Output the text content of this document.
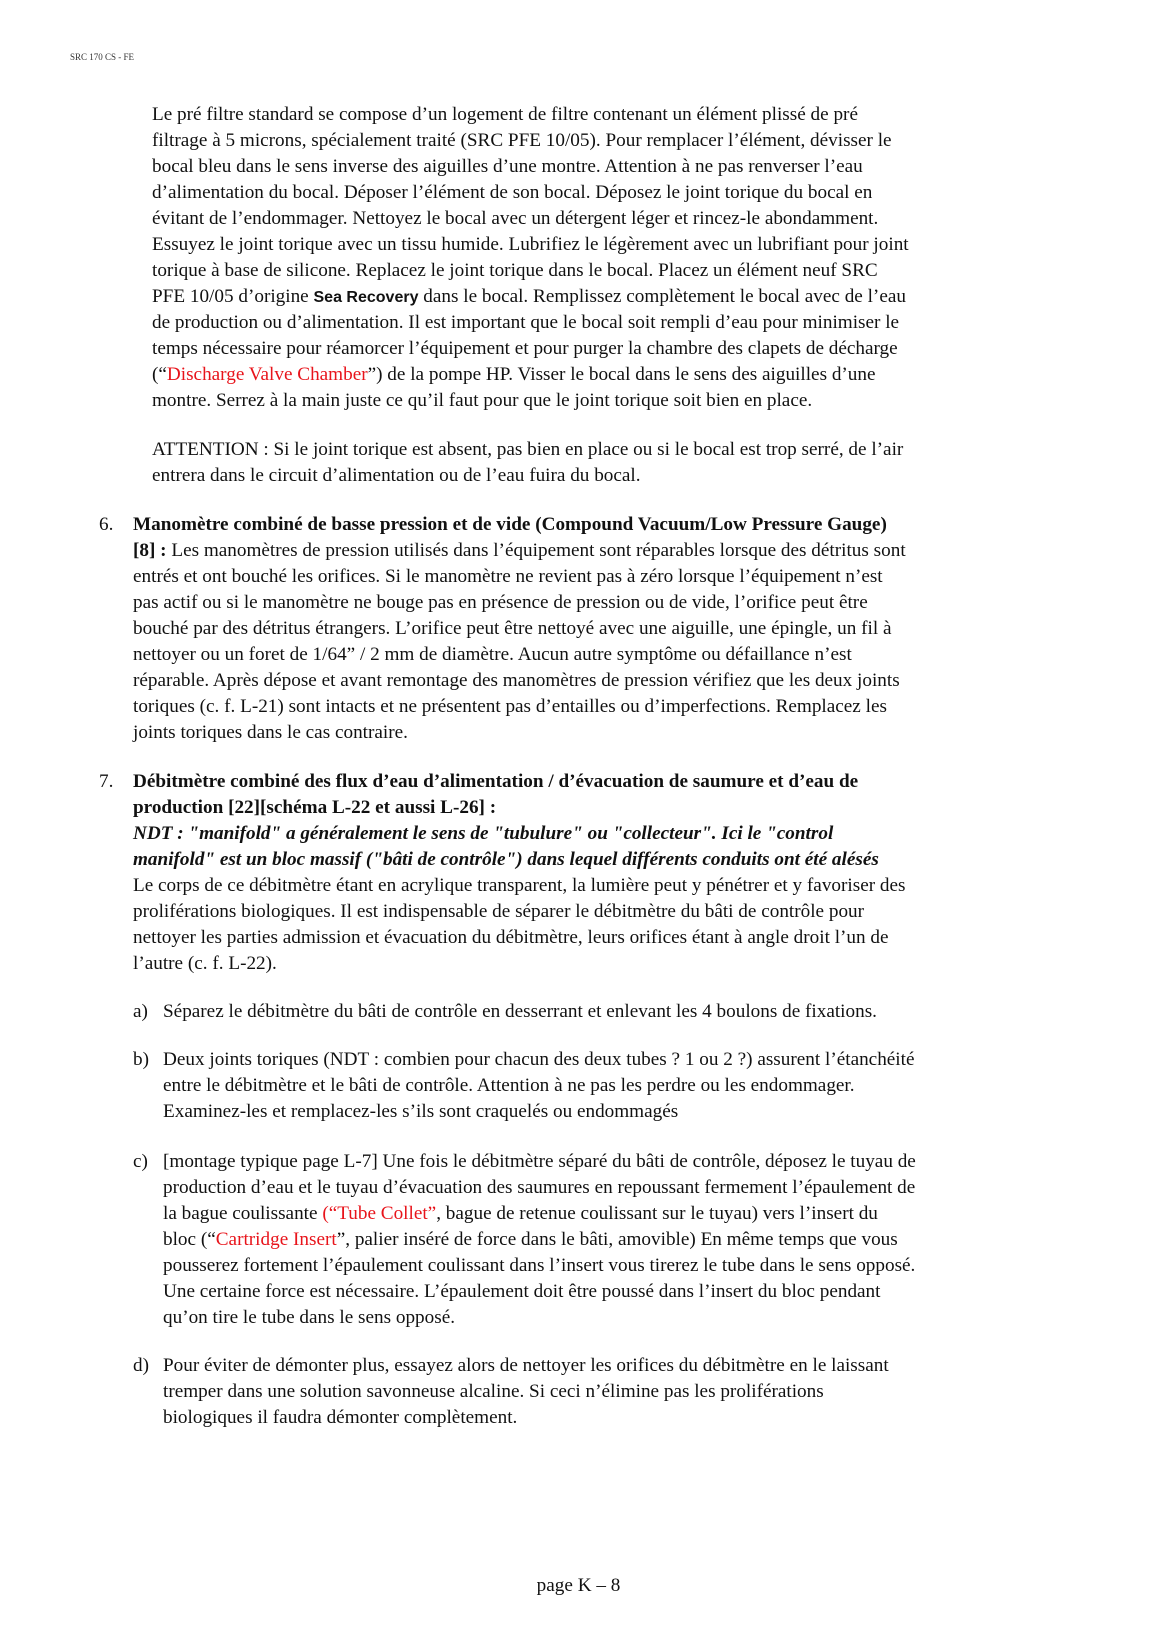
SRC 170 CS - FE
Le pré filtre standard se compose d’un logement de filtre contenant un élément plissé de pré
filtrage à 5 microns, spécialement traité (SRC PFE 10/05). Pour remplacer l’élément, dévisser le
bocal bleu dans le sens inverse des aiguilles d’une montre. Attention à ne pas renverser l’eau
d’alimentation du bocal. Déposer l’élément de son bocal. Déposez le joint torique du bocal en
évitant de l’endommager. Nettoyez le bocal avec un détergent léger et rincez-le abondamment.
Essuyez le joint torique avec un tissu humide. Lubrifiez le légèrement avec un lubrifiant pour joint
torique à base de silicone. Replacez le joint torique dans le bocal. Placez un élément neuf SRC
PFE 10/05 d’origine Sea Recovery dans le bocal. Remplissez complètement le bocal avec de l’eau
de production ou d’alimentation. Il est important que le bocal soit rempli d’eau pour minimiser le
temps nécessaire pour réamorcer l’équipement et pour purger la chambre des clapets de décharge
(“Discharge Valve Chamber”) de la pompe HP. Visser le bocal dans le sens des aiguilles d’une
montre. Serrez à la main juste ce qu’il faut pour que le joint torique soit bien en place.
ATTENTION : Si le joint torique est absent, pas bien en place ou si le bocal est trop serré, de l’air
entrera dans le circuit d’alimentation ou de l’eau fuira du bocal.
6. Manomètre combiné de basse pression et de vide (Compound Vacuum/Low Pressure Gauge)
[8] : Les manomètres de pression utilisés dans l’équipement sont réparables lorsque des détritus sont
entrés et ont bouché les orifices. Si le manomètre ne revient pas à zéro lorsque l’équipement n’est
pas actif ou si le manomètre ne bouge pas en présence de pression ou de vide, l’orifice peut être
bouché par des détritus étrangers. L’orifice peut être nettoyé avec une aiguille, une épingle, un fil à
nettoyer ou un foret de 1/64” / 2 mm de diamètre. Aucun autre symptôme ou défaillance n’est
réparable. Après dépose et avant remontage des manomètres de pression vérifiez que les deux joints
toriques (c. f. L-21) sont intacts et ne présentent pas d’entailles ou d’imperfections. Remplacez les
joints toriques dans le cas contraire.
7. Débitmètre combiné des flux d’eau d’alimentation / d’évacuation de saumure et d’eau de
production [22][schéma L-22 et aussi L-26] :
NDT : "manifold" a généralement le sens de "tubulure" ou "collecteur". Ici le "control
manifold" est un bloc massif ("bâti de contrôle") dans lequel différents conduits ont été alésés
Le corps de ce débitmètre étant en acrylique transparent, la lumière peut y pénétrer et y favoriser des
proliférations biologiques. Il est indispensable de séparer le débitmètre du bâti de contrôle pour
nettoyer les parties admission et évacuation du débitmètre, leurs orifices étant à angle droit l’un de
l’autre (c. f. L-22).
a) Séparez le débitmètre du bâti de contrôle en desserrant et enlevant les 4 boulons de fixations.
b) Deux joints toriques (NDT : combien pour chacun des deux tubes ? 1 ou 2 ?) assurent l’étanchéité
entre le débitmètre et le bâti de contrôle. Attention à ne pas les perdre ou les endommager.
Examinez-les et remplacez-les s’ils sont craquelés ou endommagés
c) [montage typique page L-7] Une fois le débitmètre séparé du bâti de contrôle, déposez le tuyau de
production d’eau et le tuyau d’évacuation des saumures en repoussant fermement l’épaulement de
la bague coulissante (“Tube Collet”, bague de retenue coulissant sur le tuyau) vers l’insert du
bloc (“Cartridge Insert”, palier inséré de force dans le bâti, amovible) En même temps que vous
pousserez fortement l’épaulement coulissant dans l’insert vous tirerez le tube dans le sens opposé.
Une certaine force est nécessaire. L’épaulement doit être poussé dans l’insert du bloc pendant
qu’on tire le tube dans le sens opposé.
d) Pour éviter de démonter plus, essayez alors de nettoyer les orifices du débitmètre en le laissant
tremper dans une solution savonneuse alcaline. Si ceci n’élimine pas les proliférations
biologiques il faudra démonter complètement.
page K – 8
